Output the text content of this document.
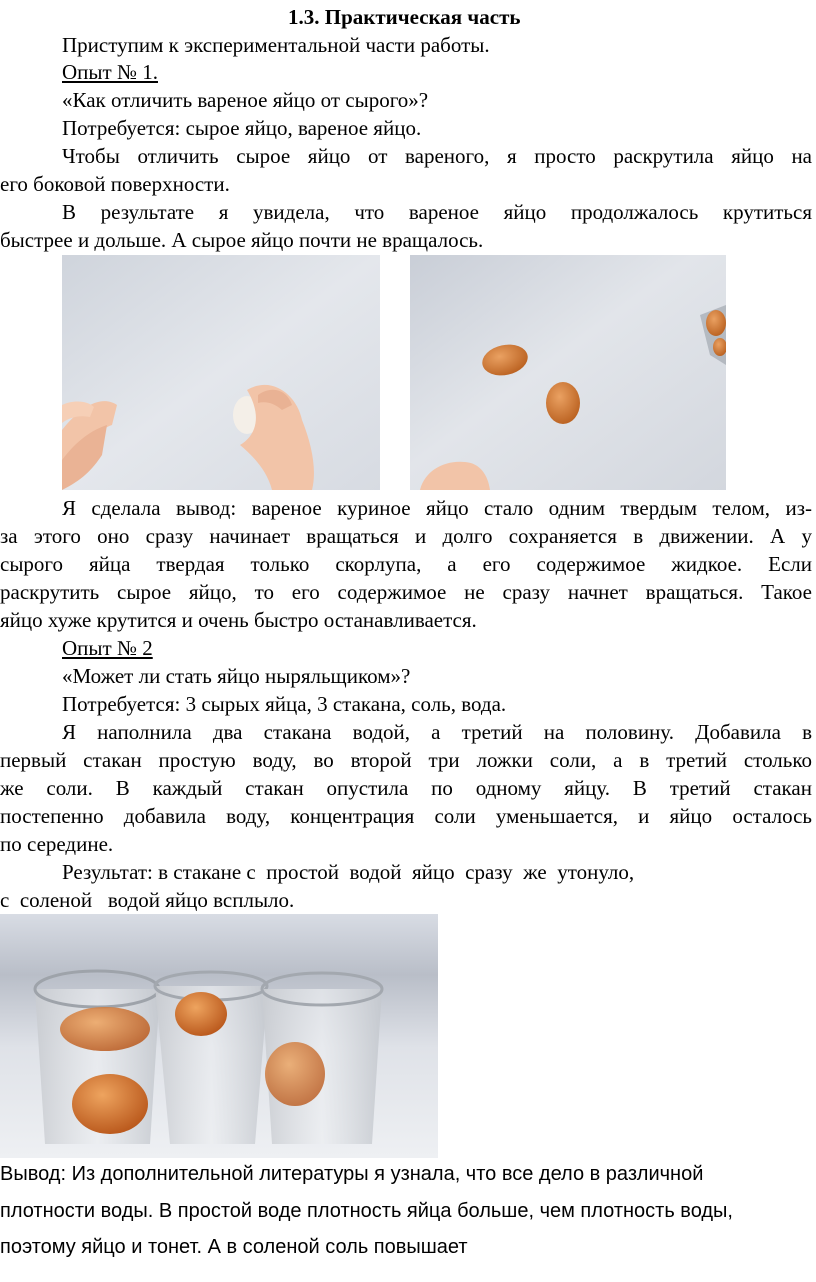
1.3. Практическая часть
Приступим к экспериментальной части работы.
Опыт № 1.
«Как отличить вареное яйцо от сырого»?
Потребуется: сырое яйцо, вареное яйцо.
Чтобы отличить сырое яйцо от вареного, я просто раскрутила яйцо на
его боковой поверхности.
В результате я увидела, что вареное яйцо продолжалось крутиться
быстрее и дольше. А сырое яйцо почти не вращалось.
Я сделала вывод: вареное куриное яйцо стало одним твердым телом, из-
за этого оно сразу начинает вращаться и долго сохраняется в движении. А у
сырого яйца твердая только скорлупа, а его содержимое жидкое. Если
раскрутить сырое яйцо, то его содержимое не сразу начнет вращаться. Такое
яйцо хуже крутится и очень быстро останавливается.
Опыт № 2
«Может ли стать яйцо ныряльщиком»?
Потребуется: 3 сырых яйца, 3 стакана, соль, вода.
Я наполнила два стакана водой, а третий на половину. Добавила в
первый стакан простую воду, во второй три ложки соли, а в третий столько
же соли. В каждый стакан опустила по одному яйцу. В третий стакан
постепенно добавила воду, концентрация соли уменьшается, и яйцо осталось
по середине.
Результат: в стакане с  простой  водой  яйцо  сразу  же  утонуло,
с  соленой   водой яйцо всплыло.
Вывод: Из дополнительной литературы я узнала, что все дело в различной
плотности воды. В простой воде плотность яйца больше, чем плотность воды,
поэтому яйцо и тонет. А в соленой соль повышает
